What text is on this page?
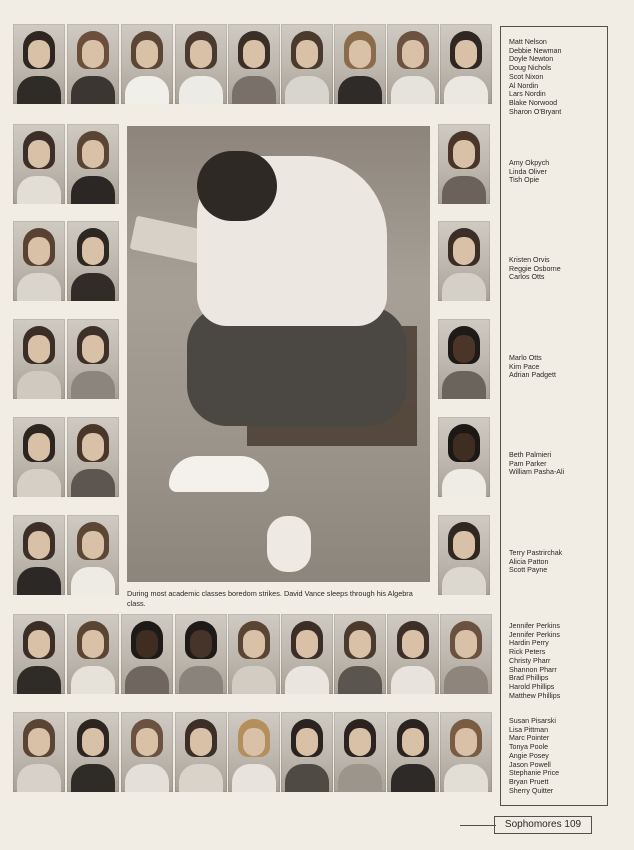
During most academic classes boredom strikes. David Vance sleeps through his Algebra class.
Matt Nelson
Debbie Newman
Doyle Newton
Doug Nichols
Scot Nixon
Al Nordin
Lars Nordin
Blake Norwood
Sharon O'Bryant
Amy Okpych
Linda Oliver
Tish Opie
Kristen Orvis
Reggie Osborne
Carlos Otts
Marlo Otts
Kim Pace
Adrian Padgett
Beth Palmieri
Pam Parker
William Pasha-Ali
Terry Pastrirchak
Alicia Patton
Scott Payne
Jennifer Perkins
Jennifer Perkins
Hardin Perry
Rick Peters
Christy Pharr
Shannon Pharr
Brad Phillips
Harold Phillips
Matthew Phillips
Susan Pisarski
Lisa Pittman
Marc Pointer
Tonya Poole
Angie Posey
Jason Powell
Stephanie Price
Bryan Pruett
Sherry Quitter
Sophomores 109
